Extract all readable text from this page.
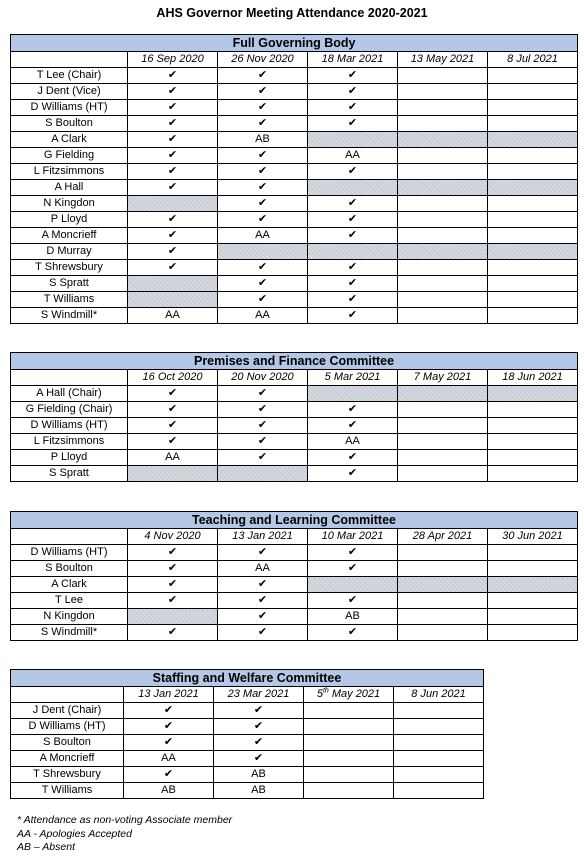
AHS Governor Meeting Attendance 2020-2021
Full Governing Body					
	16 Sep 2020	26 Nov 2020	18 Mar 2021	13 May 2021	8 Jul 2021
T Lee (Chair)	✔	✔	✔		
J Dent (Vice)	✔	✔	✔		
D Williams (HT)	✔	✔	✔		
S Boulton	✔	✔	✔		
A Clark	✔	AB			
G Fielding	✔	✔	AA		
L Fitzsimmons	✔	✔	✔		
A Hall	✔	✔			
N Kingdon		✔	✔		
P Lloyd	✔	✔	✔		
A Moncrieff	✔	AA	✔		
D Murray	✔				
T Shrewsbury	✔	✔	✔		
S Spratt		✔	✔		
T Williams		✔	✔		
S Windmill*	AA	AA	✔		
Premises and Finance Committee					
	16 Oct 2020	20 Nov 2020	5 Mar 2021	7 May 2021	18 Jun 2021
A Hall (Chair)	✔	✔			
G Fielding (Chair)	✔	✔	✔		
D Williams (HT)	✔	✔	✔		
L Fitzsimmons	✔	✔	AA		
P Lloyd	AA	✔	✔		
S Spratt			✔		
Teaching and Learning Committee					
	4 Nov 2020	13 Jan 2021	10 Mar 2021	28 Apr 2021	30 Jun 2021
D Williams (HT)	✔	✔	✔		
S Boulton	✔	AA	✔		
A Clark	✔	✔			
T Lee	✔	✔	✔		
N Kingdon		✔	AB		
S Windmill*	✔	✔	✔		
Staffing and Welfare Committee				
	13 Jan 2021	23 Mar 2021	5th May 2021	8 Jun 2021
J Dent (Chair)	✔	✔		
D Williams (HT)	✔	✔		
S Boulton	✔	✔		
A Moncrieff	AA	✔		
T Shrewsbury	✔	AB		
T Williams	AB	AB		
* Attendance as non-voting Associate member
AA - Apologies Accepted
AB – Absent
